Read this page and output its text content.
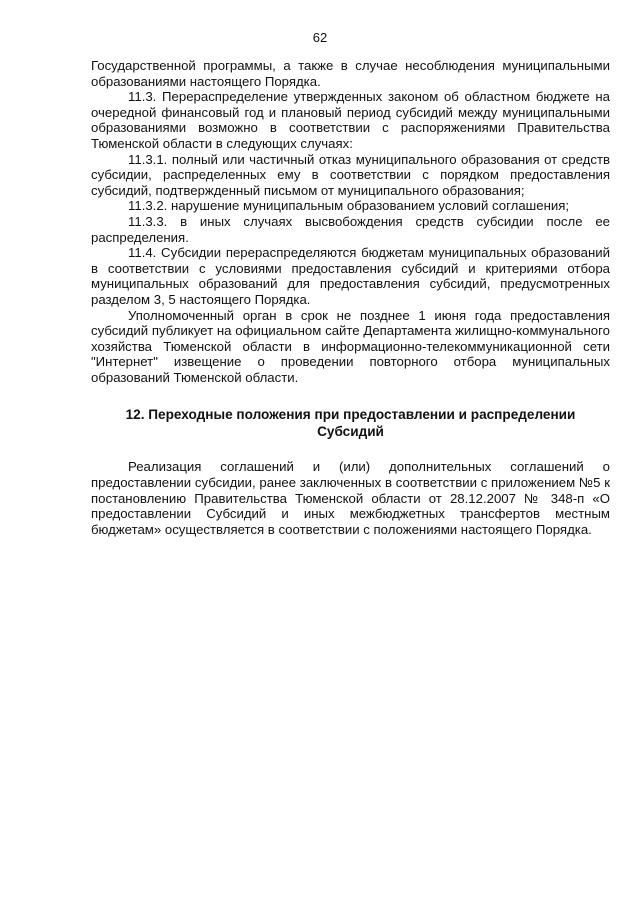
62

Государственной программы, а также в случае несоблюдения муниципальными образованиями настоящего Порядка.

11.3. Перераспределение утвержденных законом об областном бюджете на очередной финансовый год и плановый период субсидий между муниципальными образованиями возможно в соответствии с распоряжениями Правительства Тюменской области в следующих случаях:

11.3.1. полный или частичный отказ муниципального образования от средств субсидии, распределенных ему в соответствии с порядком предоставления субсидий, подтвержденный письмом от муниципального образования;

11.3.2. нарушение муниципальным образованием условий соглашения;

11.3.3. в иных случаях высвобождения средств субсидии после ее распределения.

11.4. Субсидии перераспределяются бюджетам муниципальных образований в соответствии с условиями предоставления субсидий и критериями отбора муниципальных образований для предоставления субсидий, предусмотренных разделом 3, 5 настоящего Порядка.

Уполномоченный орган в срок не позднее 1 июня года предоставления субсидий публикует на официальном сайте Департамента жилищно-коммунального хозяйства Тюменской области в информационно-телекоммуникационной сети "Интернет" извещение о проведении повторного отбора муниципальных образований Тюменской области.

12. Переходные положения при предоставлении и распределении
Субсидий

Реализация соглашений и (или) дополнительных соглашений о предоставлении субсидии, ранее заключенных в соответствии с приложением №5 к постановлению Правительства Тюменской области от 28.12.2007 № 348-п «О предоставлении Субсидий и иных межбюджетных трансфертов местным бюджетам» осуществляется в соответствии с положениями настоящего Порядка.
